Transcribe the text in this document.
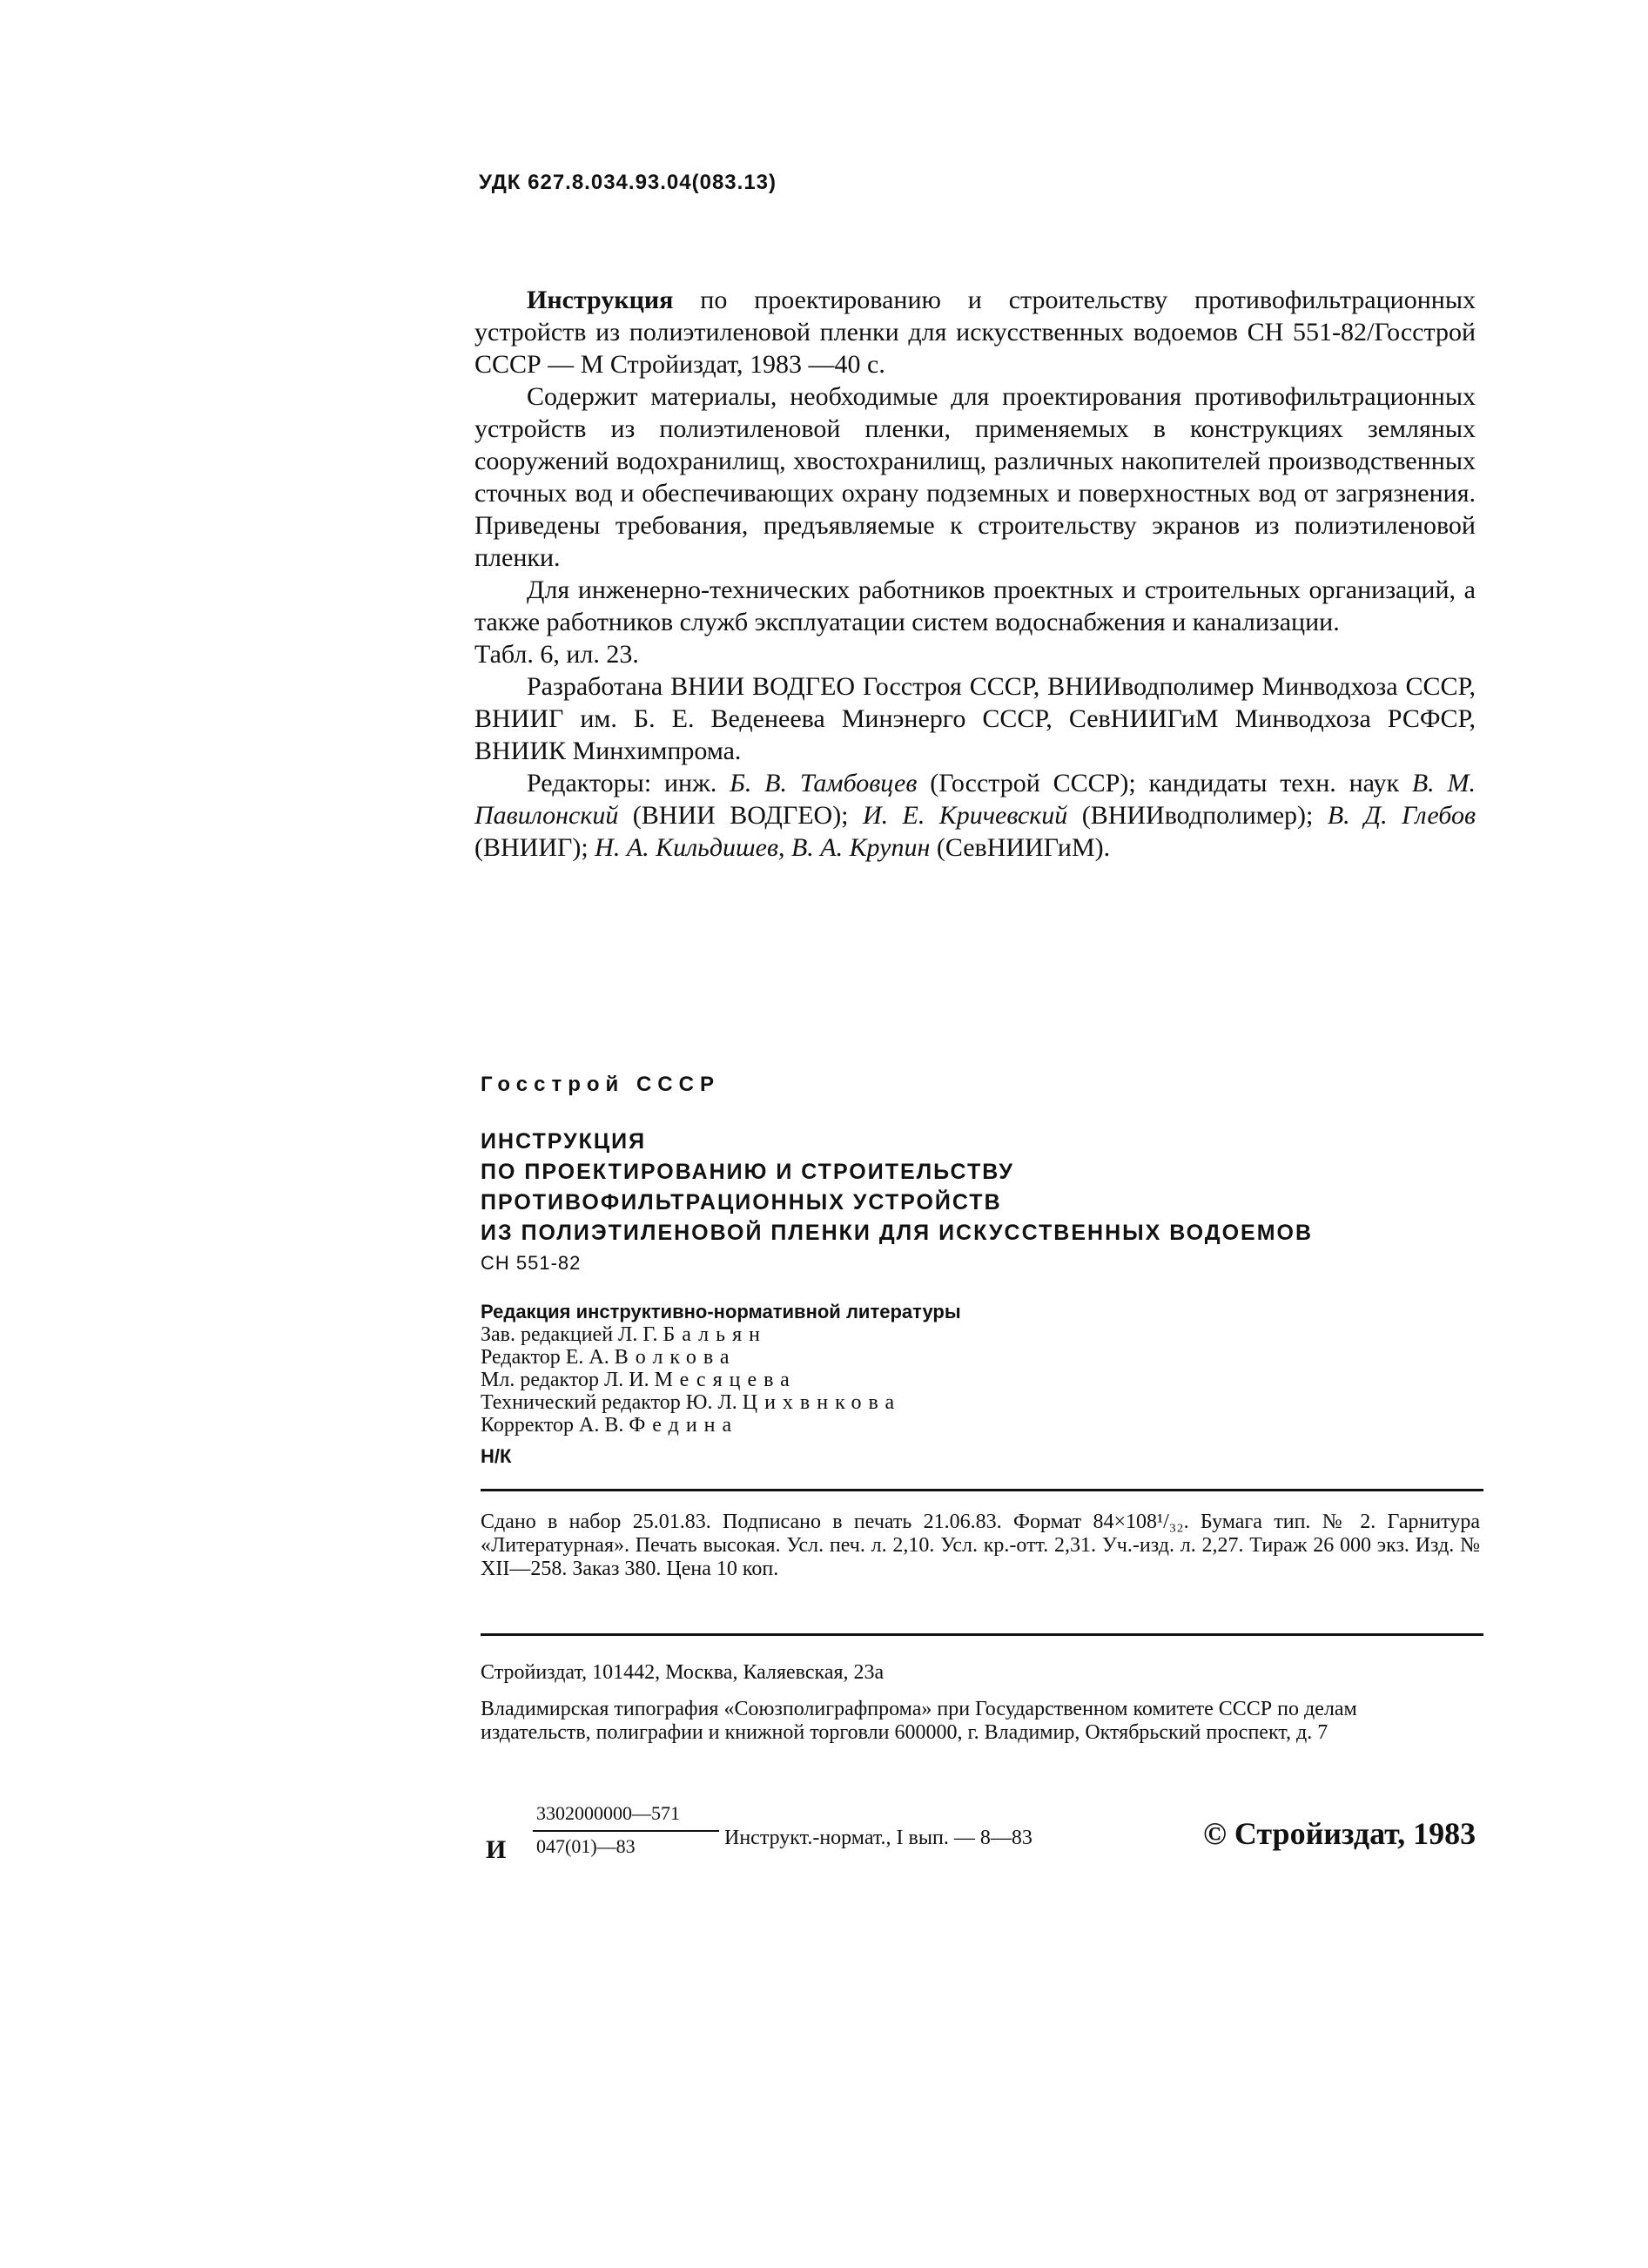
УДК 627.8.034.93.04(083.13)

Инструкция по проектированию и строительству противофильтрационных устройств из полиэтиленовой пленки для искусственных водоемов СН 551-82/Госстрой СССР — М Стройиздат, 1983 —40 с.

Содержит материалы, необходимые для проектирования противофильтрационных устройств из полиэтиленовой пленки, применяемых в конструкциях земляных сооружений водохранилищ, хвостохранилищ, различных накопителей производственных сточных вод и обеспечивающих охрану подземных и поверхностных вод от загрязнения. Приведены требования, предъявляемые к строительству экранов из полиэтиленовой пленки.

Для инженерно-технических работников проектных и строительных организаций, а также работников служб эксплуатации систем водоснабжения и канализации.

Табл. 6, ил. 23.

Разработана ВНИИ ВОДГЕО Госстроя СССР, ВНИИводполимер Минводхоза СССР, ВНИИГ им. Б. Е. Веденеева Минэнерго СССР, СевНИИГиМ Минводхоза РСФСР, ВНИИК Минхимпрома.

Редакторы: инж. Б. В. Тамбовцев (Госстрой СССР); кандидаты техн. наук В. М. Павилонский (ВНИИ ВОДГЕО); И. Е. Кричевский (ВНИИводполимер); В. Д. Глебов (ВНИИГ); Н. А. Кильдишев, В. А. Крупин (СевНИИГиМ).

Госстрой СССР
ИНСТРУКЦИЯ
ПО ПРОЕКТИРОВАНИЮ И СТРОИТЕЛЬСТВУ
ПРОТИВОФИЛЬТРАЦИОННЫХ УСТРОЙСТВ
ИЗ ПОЛИЭТИЛЕНОВОЙ ПЛЕНКИ ДЛЯ ИСКУССТВЕННЫХ ВОДОЕМОВ
СН 551-82
Редакция инструктивно-нормативной литературы
Зав. редакцией Л. Г. Бальян
Редактор Е. А. Волкова
Мл. редактор Л. И. Месяцева
Технический редактор Ю. Л. Цихвнкова
Корректор А. В. Федина
Н/К
Сдано в набор 25.01.83. Подписано в печать 21.06.83. Формат 84×108¹/₃₂. Бумага тип. № 2. Гарнитура «Литературная». Печать высокая. Усл. печ. л. 2,10. Усл. кр.-отт. 2,31. Уч.-изд. л. 2,27. Тираж 26 000 экз. Изд. № XII—258. Заказ 380. Цена 10 коп.
Стройиздат, 101442, Москва, Каляевская, 23а
Владимирская типография «Союзполиграфпрома» при Государственном комитете СССР по делам издательств, полиграфии и книжной торговли 600000, г. Владимир, Октябрьский проспект, д. 7
И
3302000000—571
047(01)—83	Инструкт.-нормат., I вып. — 8—83	© Стройиздат, 1983
